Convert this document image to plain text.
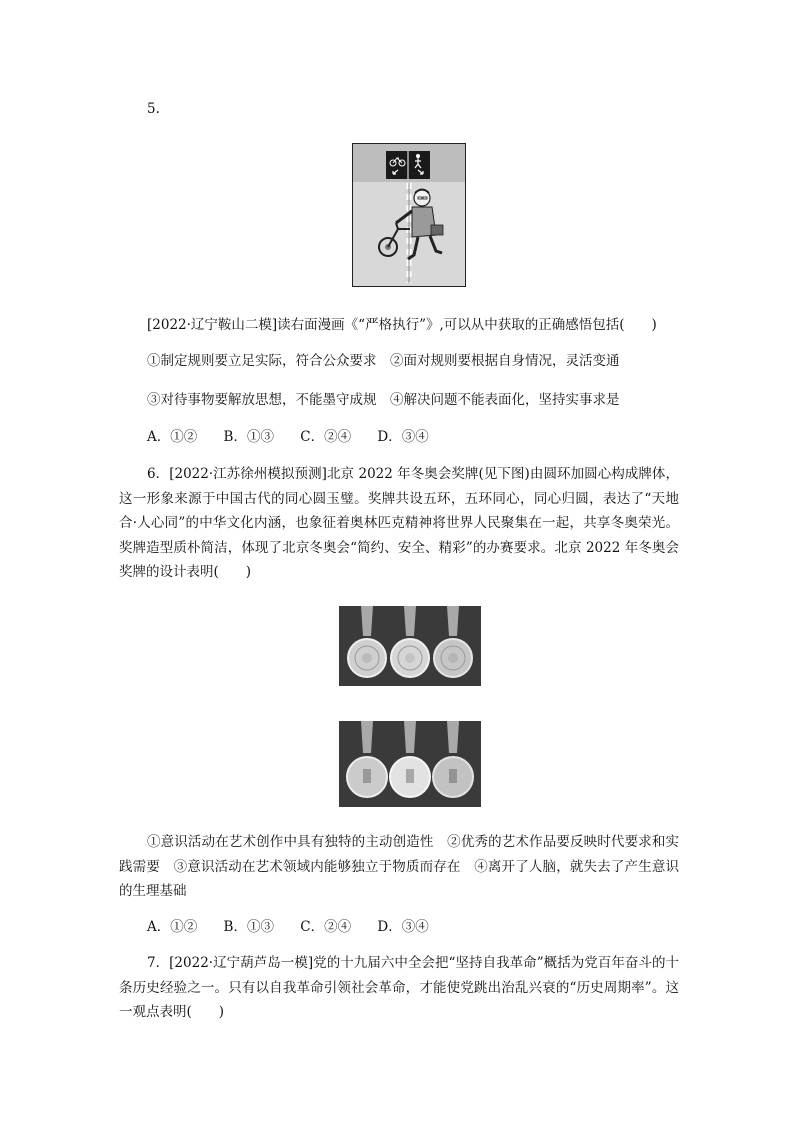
5.
[2022·辽宁鞍山二模]读右面漫画《“严格执行”》,可以从中获取的正确感悟包括(　　)
①制定规则要立足实际，符合公众要求　②面对规则要根据自身情况，灵活变通
③对待事物要解放思想，不能墨守成规　④解决问题不能表面化，坚持实事求是
A．①② B．①③ C．②④ D．③④
6．[2022·江苏徐州模拟预测]北京 2022 年冬奥会奖牌(见下图)由圆环加圆心构成牌体，这一形象来源于中国古代的同心圆玉璧。奖牌共设五环，五环同心，同心归圆，表达了“天地合·人心同”的中华文化内涵，也象征着奥林匹克精神将世界人民聚集在一起，共享冬奥荣光。奖牌造型质朴简洁，体现了北京冬奥会“简约、安全、精彩”的办赛要求。北京 2022 年冬奥会奖牌的设计表明(　　)
①意识活动在艺术创作中具有独特的主动创造性　②优秀的艺术作品要反映时代要求和实践需要　③意识活动在艺术领域内能够独立于物质而存在　④离开了人脑，就失去了产生意识的生理基础
A．①② B．①③ C．②④ D．③④
7．[2022·辽宁葫芦岛一模]党的十九届六中全会把“坚持自我革命”概括为党百年奋斗的十条历史经验之一。只有以自我革命引领社会革命，才能使党跳出治乱兴衰的“历史周期率”。这一观点表明(　　)
